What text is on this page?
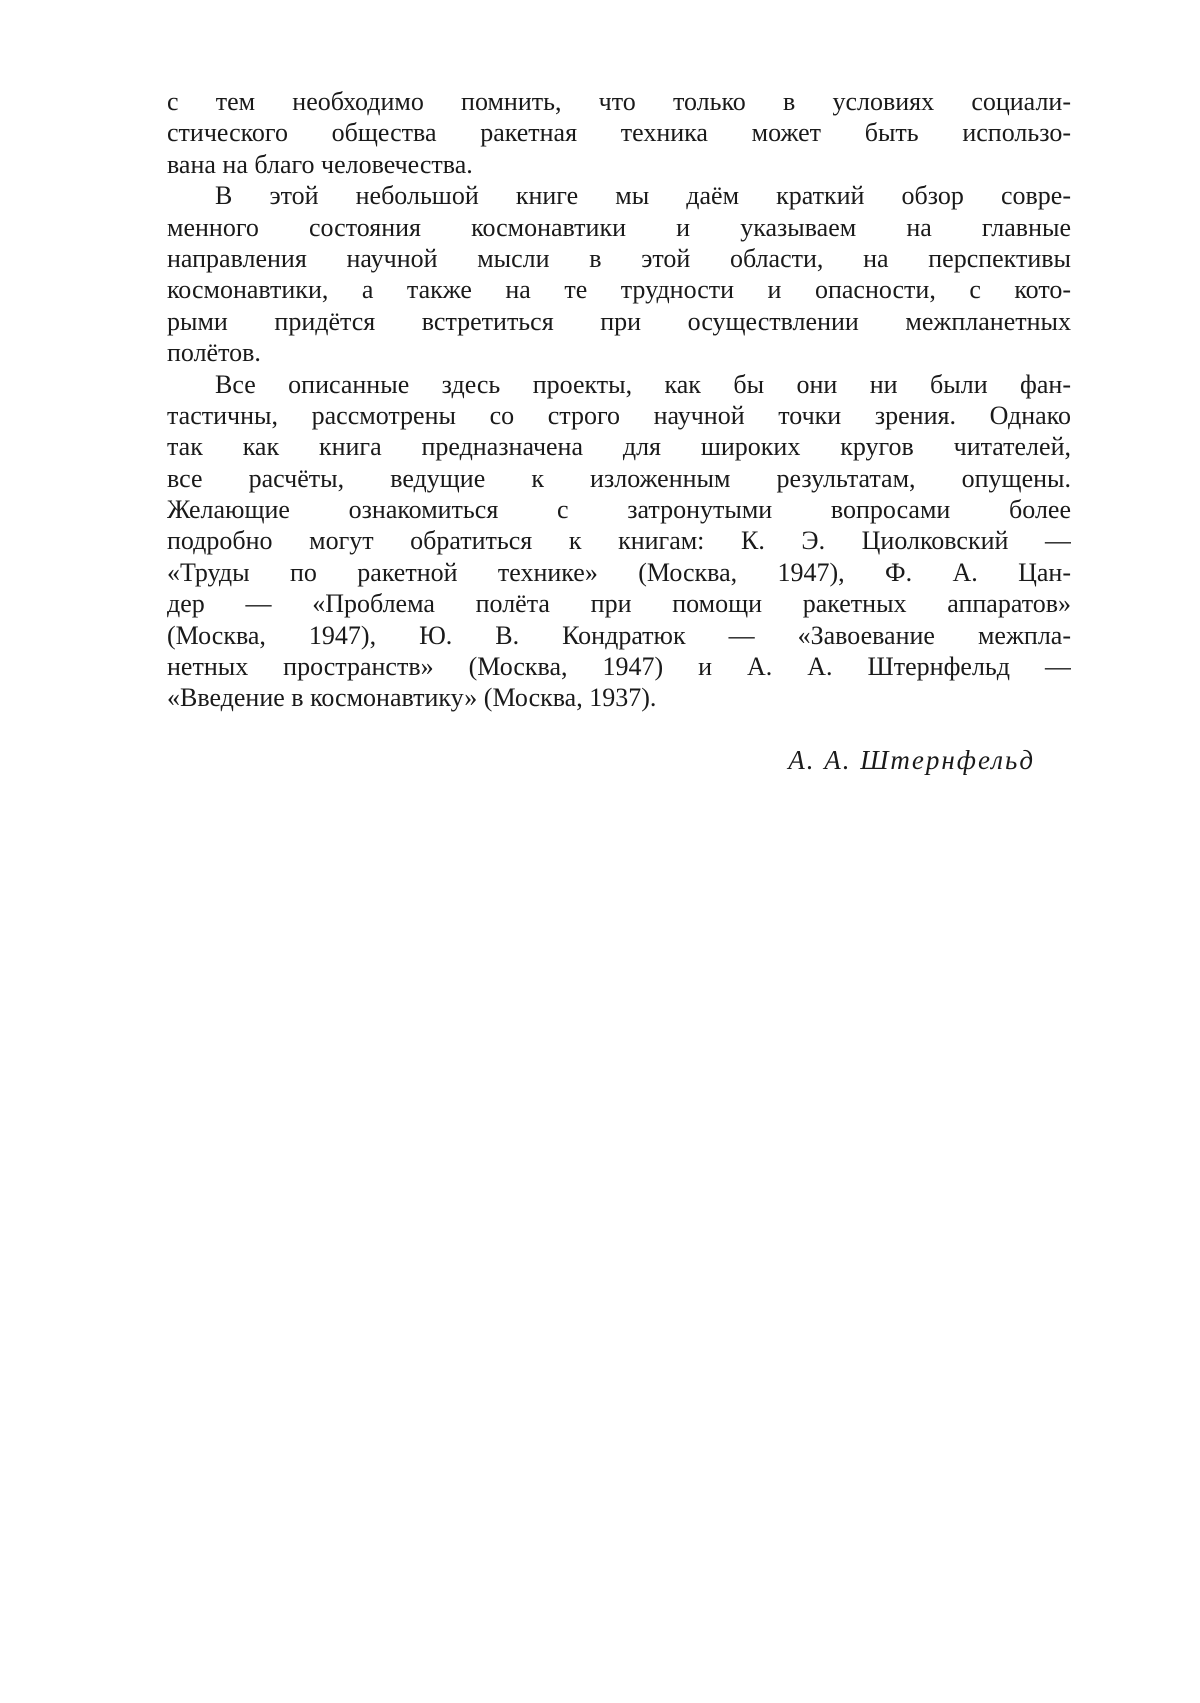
с тем необходимо помнить, что только в условиях социали-
стического общества ракетная техника может быть использо-
вана на благо человечества.
В этой небольшой книге мы даём краткий обзор совре-
менного состояния космонавтики и указываем на главные
направления научной мысли в этой области, на перспективы
космонавтики, а также на те трудности и опасности, с кото-
рыми придётся встретиться при осуществлении межпланетных
полётов.
Все описанные здесь проекты, как бы они ни были фан-
тастичны, рассмотрены со строго научной точки зрения. Однако
так как книга предназначена для широких кругов читателей,
все расчёты, ведущие к изложенным результатам, опущены.
Желающие ознакомиться с затронутыми вопросами более
подробно могут обратиться к книгам: К. Э. Циолковский —
«Труды по ракетной технике» (Москва, 1947), Ф. А. Цан-
дер — «Проблема полёта при помощи ракетных аппаратов»
(Москва, 1947), Ю. В. Кондратюк — «Завоевание межпла-
нетных пространств» (Москва, 1947) и А. А. Штернфельд —
«Введение в космонавтику» (Москва, 1937).
А. А. Штернфельд
